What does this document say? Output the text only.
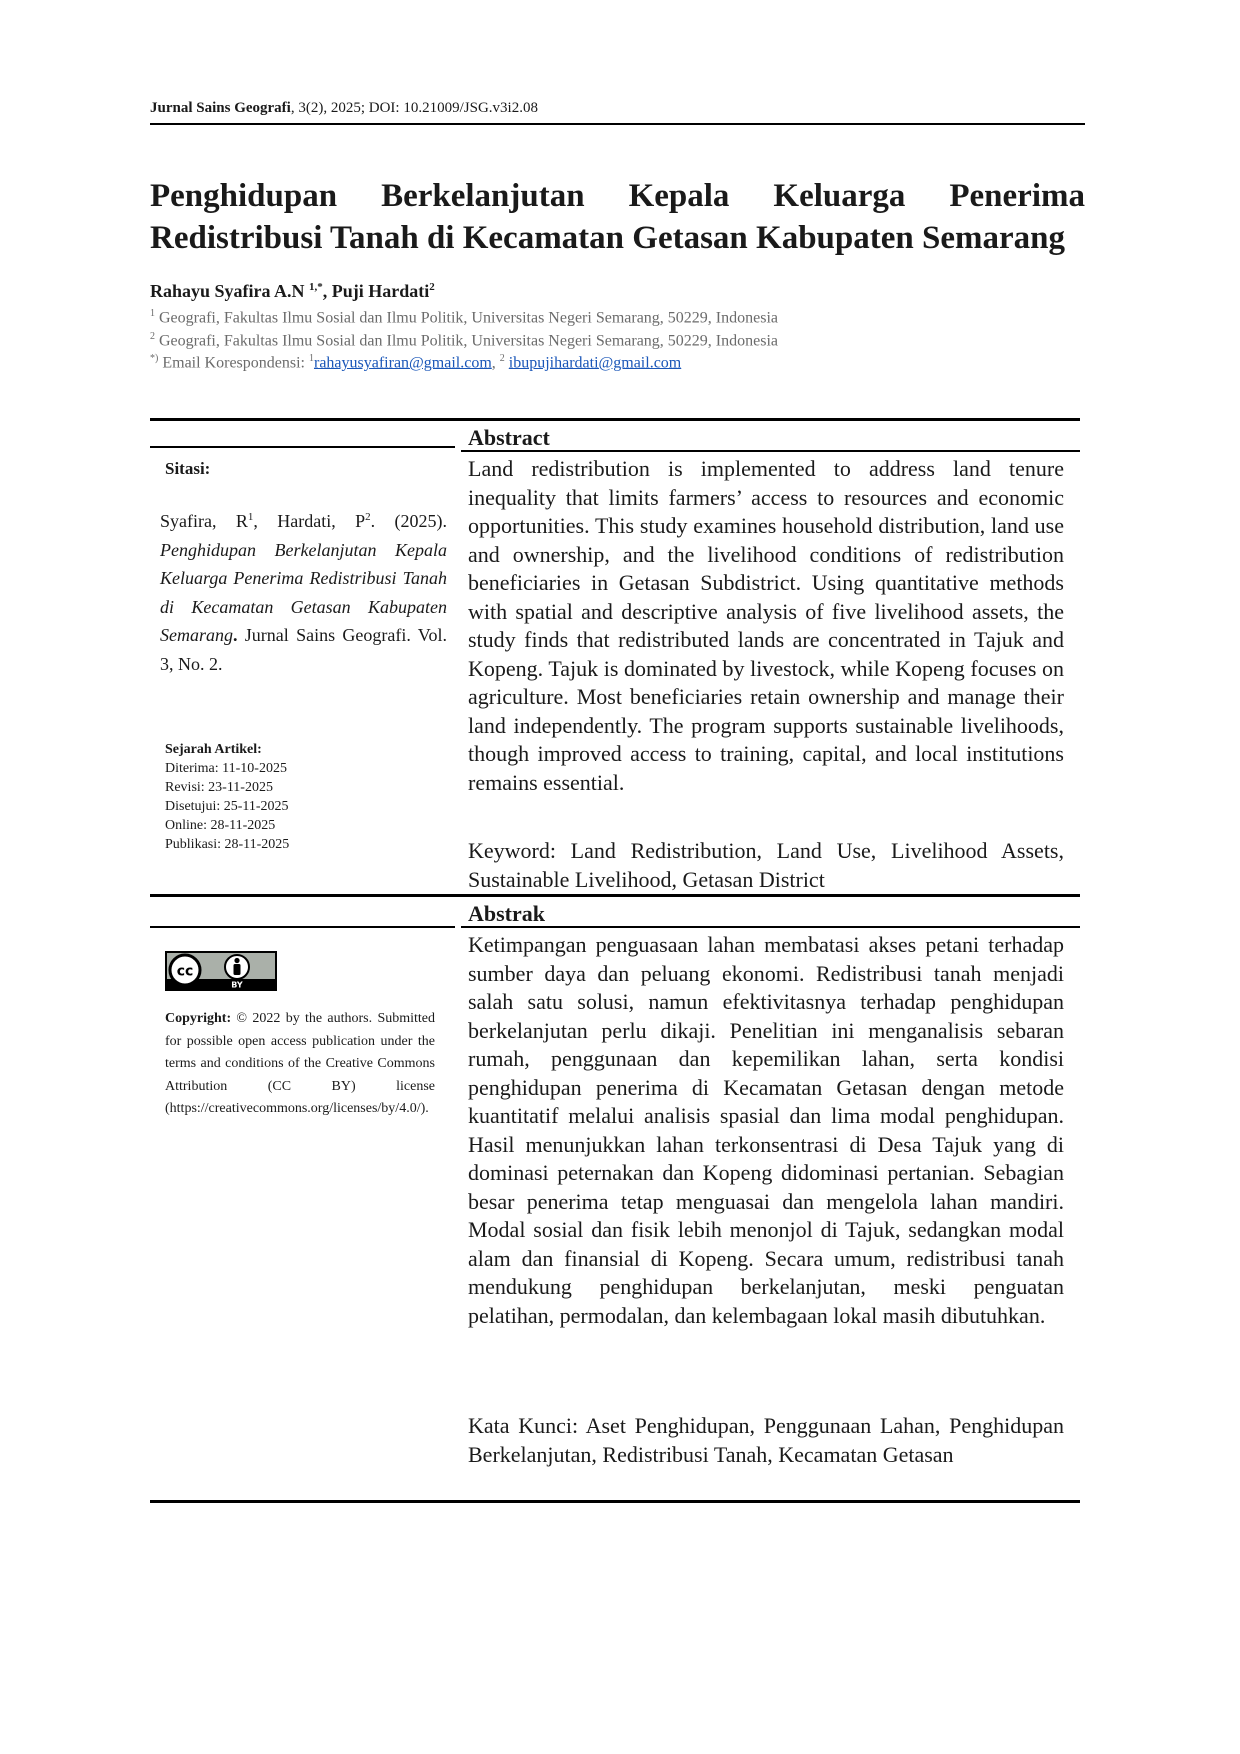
Jurnal Sains Geografi, 3(2), 2025; DOI: 10.21009/JSG.v3i2.08
Penghidupan Berkelanjutan Kepala Keluarga Penerima
Redistribusi Tanah di Kecamatan Getasan Kabupaten Semarang
Rahayu Syafira A.N $^{1,*}$, Puji Hardati$^2$
$^1$ Geografi, Fakultas Ilmu Sosial dan Ilmu Politik, Universitas Negeri Semarang, 50229, Indonesia
$^2$ Geografi, Fakultas Ilmu Sosial dan Ilmu Politik, Universitas Negeri Semarang, 50229, Indonesia
*) Email Korespondensi: $^1$rahayusyafiran@gmail.com, $^2$ ibupujihardati@gmail.com
Sitasi:
Syafira, $R^1$, Hardati, $P^2$. (2025). Penghidupan Berkelanjutan Kepala Keluarga Penerima Redistribusi Tanah di Kecamatan Getasan Kabupaten Semarang. Jurnal Sains Geografi. Vol. 3, No. 2.
Sejarah Artikel:
Diterima: 11-10-2025
Revisi: 23-11-2025
Disetujui: 25-11-2025
Online: 28-11-2025
Publikasi: 28-11-2025
cc
BY
Copyright: © 2022 by the authors. Submitted for possible open access publication under the terms and conditions of the Creative Commons Attribution (CC BY) license (https://creativecommons.org/licenses/by/4.0/).
Abstract
Land redistribution is implemented to address land tenure inequality that limits farmers’ access to resources and economic opportunities. This study examines household distribution, land use and ownership, and the livelihood conditions of redistribution beneficiaries in Getasan Subdistrict. Using quantitative methods with spatial and descriptive analysis of five livelihood assets, the study finds that redistributed lands are concentrated in Tajuk and Kopeng. Tajuk is dominated by livestock, while Kopeng focuses on agriculture. Most beneficiaries retain ownership and manage their land independently. The program supports sustainable livelihoods, though improved access to training, capital, and local institutions remains essential.
Keyword: Land Redistribution, Land Use, Livelihood Assets, Sustainable Livelihood, Getasan District
Abstrak
Ketimpangan penguasaan lahan membatasi akses petani terhadap sumber daya dan peluang ekonomi. Redistribusi tanah menjadi salah satu solusi, namun efektivitasnya terhadap penghidupan berkelanjutan perlu dikaji. Penelitian ini menganalisis sebaran rumah, penggunaan dan kepemilikan lahan, serta kondisi penghidupan penerima di Kecamatan Getasan dengan metode kuantitatif melalui analisis spasial dan lima modal penghidupan. Hasil menunjukkan lahan terkonsentrasi di Desa Tajuk yang di dominasi peternakan dan Kopeng didominasi pertanian. Sebagian besar penerima tetap menguasai dan mengelola lahan mandiri. Modal sosial dan fisik lebih menonjol di Tajuk, sedangkan modal alam dan finansial di Kopeng. Secara umum, redistribusi tanah mendukung penghidupan berkelanjutan, meski penguatan pelatihan, permodalan, dan kelembagaan lokal masih dibutuhkan.
Kata Kunci: Aset Penghidupan, Penggunaan Lahan, Penghidupan Berkelanjutan, Redistribusi Tanah, Kecamatan Getasan
